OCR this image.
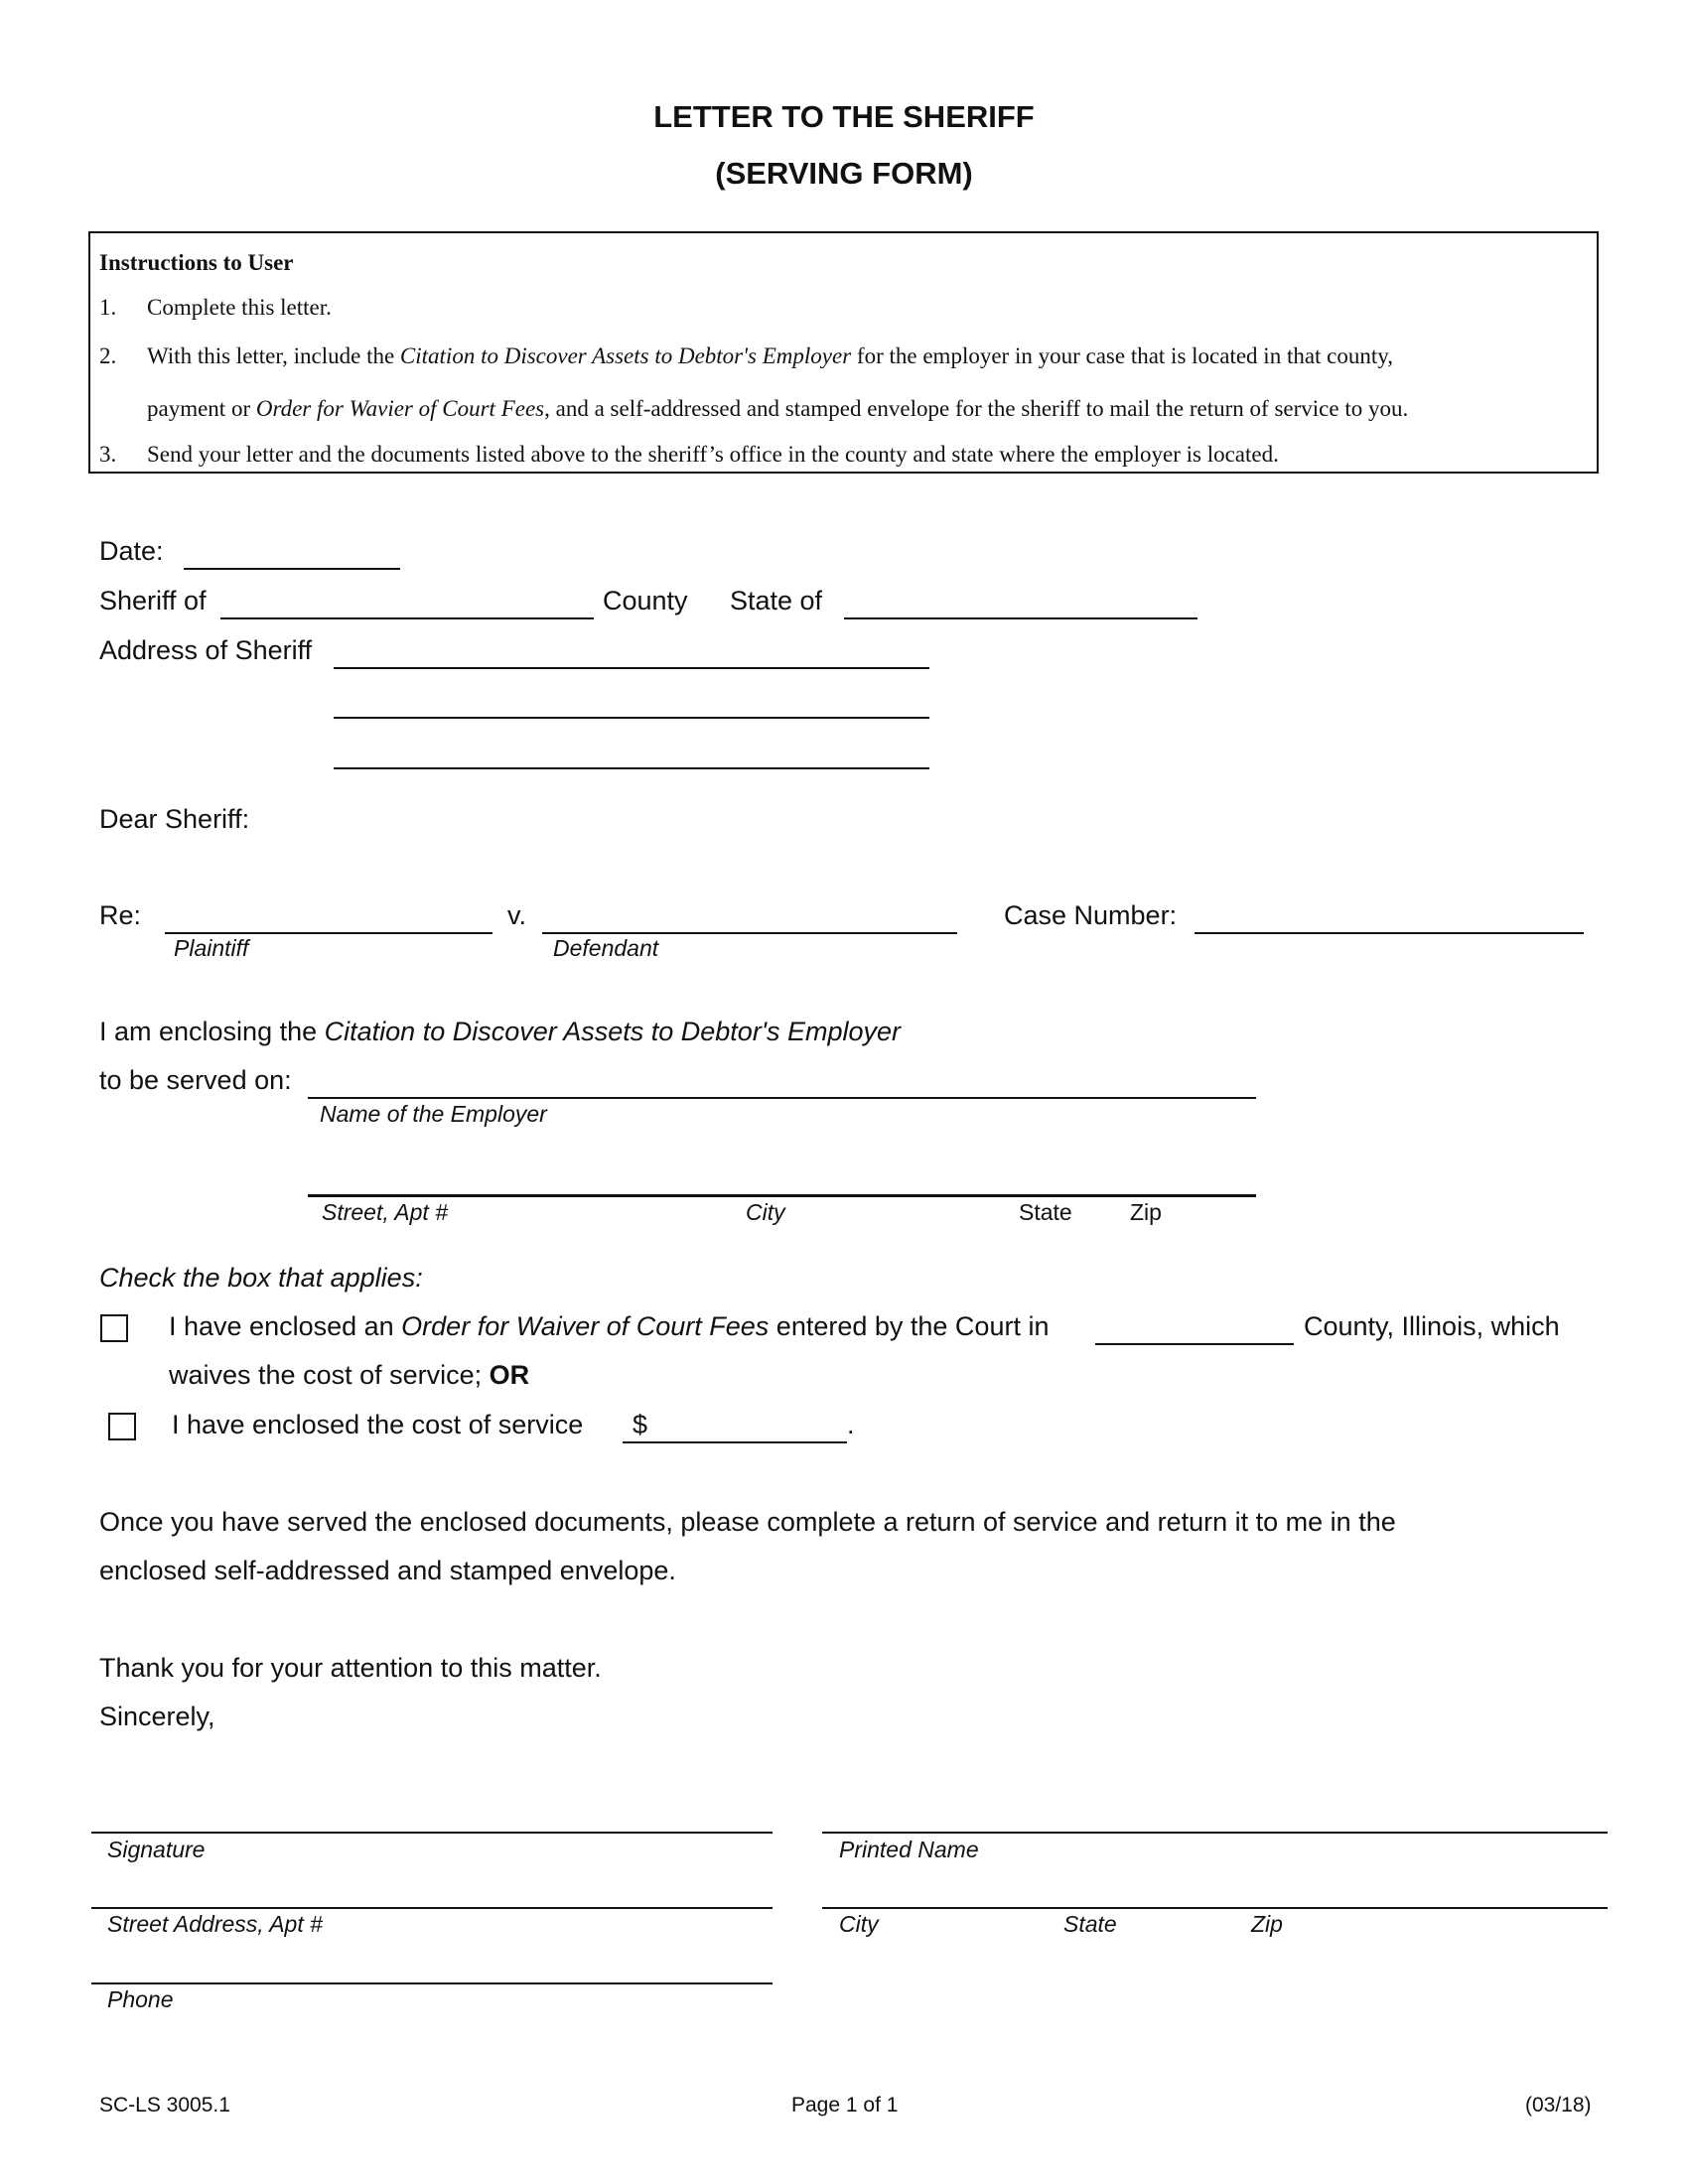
LETTER TO THE SHERIFF
(SERVING FORM)
Instructions to User
1. Complete this letter.
2. With this letter, include the Citation to Discover Assets to Debtor's Employer for the employer in your case that is located in that county,
payment or Order for Wavier of Court Fees, and a self-addressed and stamped envelope for the sheriff to mail the return of service to you.
3. Send your letter and the documents listed above to the sheriff’s office in the county and state where the employer is located.
Date:
Sheriff of	County State of
Address of Sheriff
Dear Sheriff:
Re:
Plaintiff
v.
Defendant
Case Number:
I am enclosing the Citation to Discover Assets to Debtor's Employer
to be served on:
Name of the Employer
Street, Apt #	City	State	Zip
Check the box that applies:
I have enclosed an Order for Waiver of Court Fees entered by the Court in	County, Illinois, which
waives the cost of service; OR
I have enclosed the cost of service $	.
Once you have served the enclosed documents, please complete a return of service and return it to me in the
enclosed self-addressed and stamped envelope.
Thank you for your attention to this matter.
Sincerely,
Signature	Printed Name
Street Address, Apt #	City	State	Zip
Phone
SC-LS 3005.1	Page 1 of 1	(03/18)
